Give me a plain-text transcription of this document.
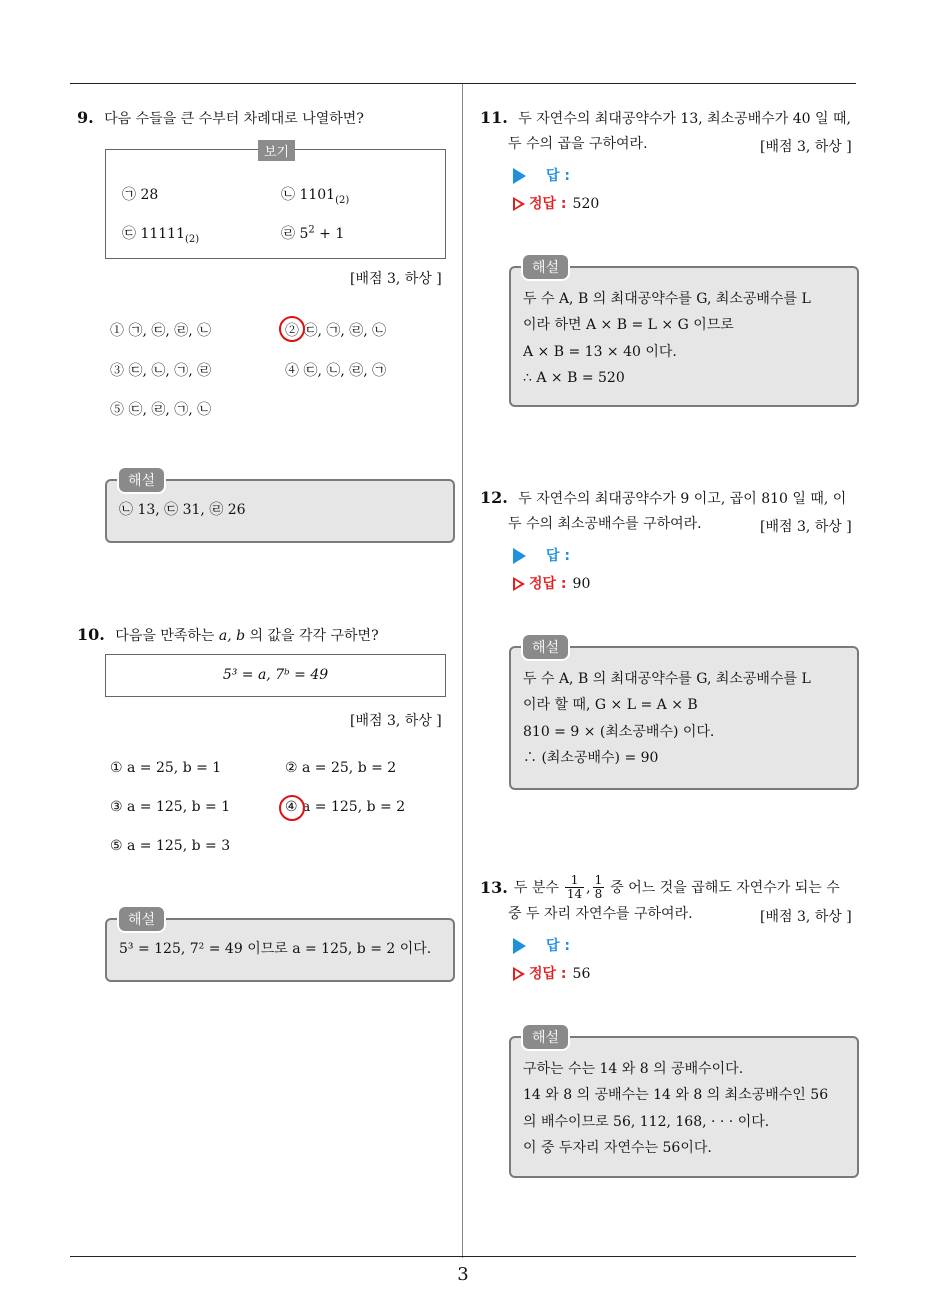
9. 다음 수들을 큰 수부터 차례대로 나열하면?
보기
㉠ 28	㉡ $1101_{(2)}$
㉢ $11111_{(2)}$	㉣ $5^2 + 1$
[배점 3, 하상 ]
① ㉠, ㉢, ㉣, ㉡	② ㉢, ㉠, ㉣, ㉡
③ ㉢, ㉡, ㉠, ㉣	④ ㉢, ㉡, ㉣, ㉠
⑤ ㉢, ㉣, ㉠, ㉡
해설
㉡ 13, ㉢ 31, ㉣ 26
10. 다음을 만족하는 a, b 의 값을 각각 구하면?
5³ = a, 7ᵇ = 49
[배점 3, 하상 ]
① a = 25, b = 1	② a = 25, b = 2
③ a = 125, b = 1	④ a = 125, b = 2
⑤ a = 125, b = 3
해설
5³ = 125, 7² = 49 이므로 a = 125, b = 2 이다.
11. 두 자연수의 최대공약수가 13, 최소공배수가 40 일 때,
두 수의 곱을 구하여라.	[배점 3, 하상 ]
답 :
정답 : 520
해설
두 수 A, B 의 최대공약수를 G, 최소공배수를 L
이라 하면 A × B = L × G 이므로
A × B = 13 × 40 이다.
∴ A × B = 520
12. 두 자연수의 최대공약수가 9 이고, 곱이 810 일 때, 이
두 수의 최소공배수를 구하여라.	[배점 3, 하상 ]
답 :
정답 : 90
해설
두 수 A, B 의 최대공약수를 G, 최소공배수를 L
이라 할 때, G × L = A × B
810 = 9 × (최소공배수) 이다.
∴ (최소공배수) = 90
13. 두 분수 $\frac{1}{14}$ , $\frac{1}{8}$ 중 어느 것을 곱해도 자연수가 되는 수
중 두 자리 자연수를 구하여라.	[배점 3, 하상 ]
답 :
정답 : 56
해설
구하는 수는 14 와 8 의 공배수이다.
14 와 8 의 공배수는 14 와 8 의 최소공배수인 56
의 배수이므로 56, 112, 168, · · · 이다.
이 중 두자리 자연수는 56이다.
3
